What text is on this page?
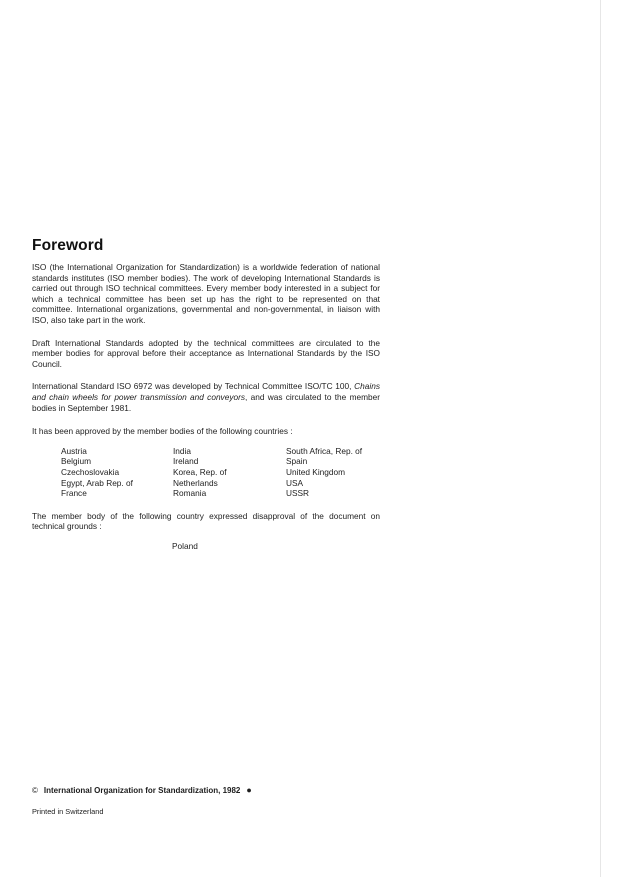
Foreword

ISO (the International Organization for Standardization) is a worldwide federation of national standards institutes (ISO member bodies). The work of developing International Standards is carried out through ISO technical committees. Every member body interested in a subject for which a technical committee has been set up has the right to be represented on that committee. International organizations, governmental and non-governmental, in liaison with ISO, also take part in the work.

Draft International Standards adopted by the technical committees are circulated to the member bodies for approval before their acceptance as International Standards by the ISO Council.

International Standard ISO 6972 was developed by Technical Committee ISO/TC 100, Chains and chain wheels for power transmission and conveyors, and was circulated to the member bodies in September 1981.

It has been approved by the member bodies of the following countries :

Austria	India	South Africa, Rep. of
Belgium	Ireland	Spain
Czechoslovakia	Korea, Rep. of	United Kingdom
Egypt, Arab Rep. of	Netherlands	USA
France	Romania	USSR

The member body of the following country expressed disapproval of the document on technical grounds :

Poland
© International Organization for Standardization, 1982 ●
Printed in Switzerland
